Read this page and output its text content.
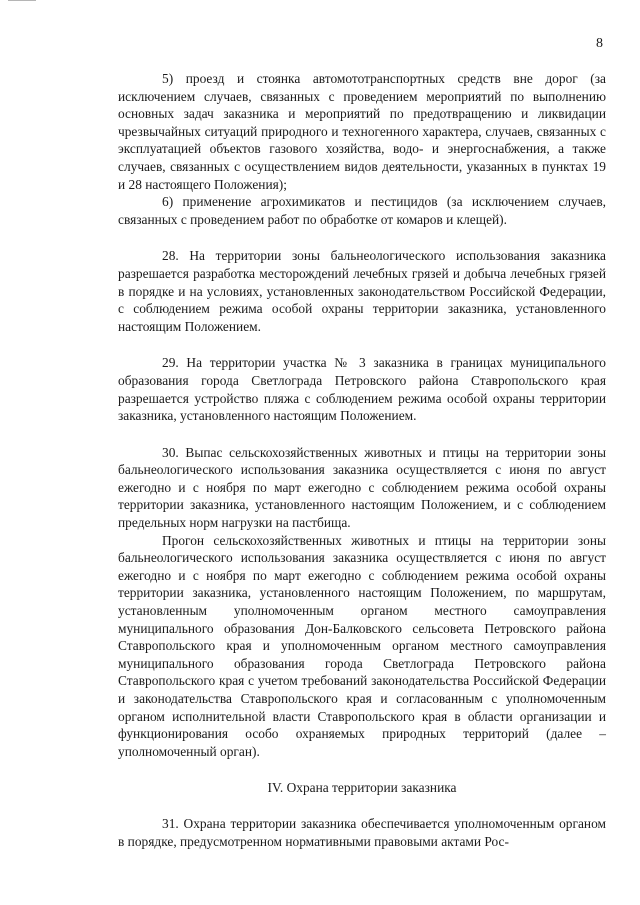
8

5) проезд и стоянка автомототранспортных средств вне дорог (за исключением случаев, связанных с проведением мероприятий по выполнению основных задач заказника и мероприятий по предотвращению и ликвидации чрезвычайных ситуаций природного и техногенного характера, случаев, связанных с эксплуатацией объектов газового хозяйства, водо- и энергоснабжения, а также случаев, связанных с осуществлением видов деятельности, указанных в пунктах 19 и 28 настоящего Положения);

6) применение агрохимикатов и пестицидов (за исключением случаев, связанных с проведением работ по обработке от комаров и клещей).

28. На территории зоны бальнеологического использования заказника разрешается разработка месторождений лечебных грязей и добыча лечебных грязей в порядке и на условиях, установленных законодательством Российской Федерации, с соблюдением режима особой охраны территории заказника, установленного настоящим Положением.

29. На территории участка № 3 заказника в границах муниципального образования города Светлограда Петровского района Ставропольского края разрешается устройство пляжа с соблюдением режима особой охраны территории заказника, установленного настоящим Положением.

30. Выпас сельскохозяйственных животных и птицы на территории зоны бальнеологического использования заказника осуществляется с июня по август ежегодно и с ноября по март ежегодно с соблюдением режима особой охраны территории заказника, установленного настоящим Положением, и с соблюдением предельных норм нагрузки на пастбища.

Прогон сельскохозяйственных животных и птицы на территории зоны бальнеологического использования заказника осуществляется с июня по август ежегодно и с ноября по март ежегодно с соблюдением режима особой охраны территории заказника, установленного настоящим Положением, по маршрутам, установленным уполномоченным органом местного самоуправления муниципального образования Дон-Балковского сельсовета Петровского района Ставропольского края и уполномоченным органом местного самоуправления муниципального образования города Светлограда Петровского района Ставропольского края с учетом требований законодательства Российской Федерации и законодательства Ставропольского края и согласованным с уполномоченным органом исполнительной власти Ставропольского края в области организации и функционирования особо охраняемых природных территорий (далее – уполномоченный орган).

IV. Охрана территории заказника

31. Охрана территории заказника обеспечивается уполномоченным органом в порядке, предусмотренном нормативными правовыми актами Рос-
